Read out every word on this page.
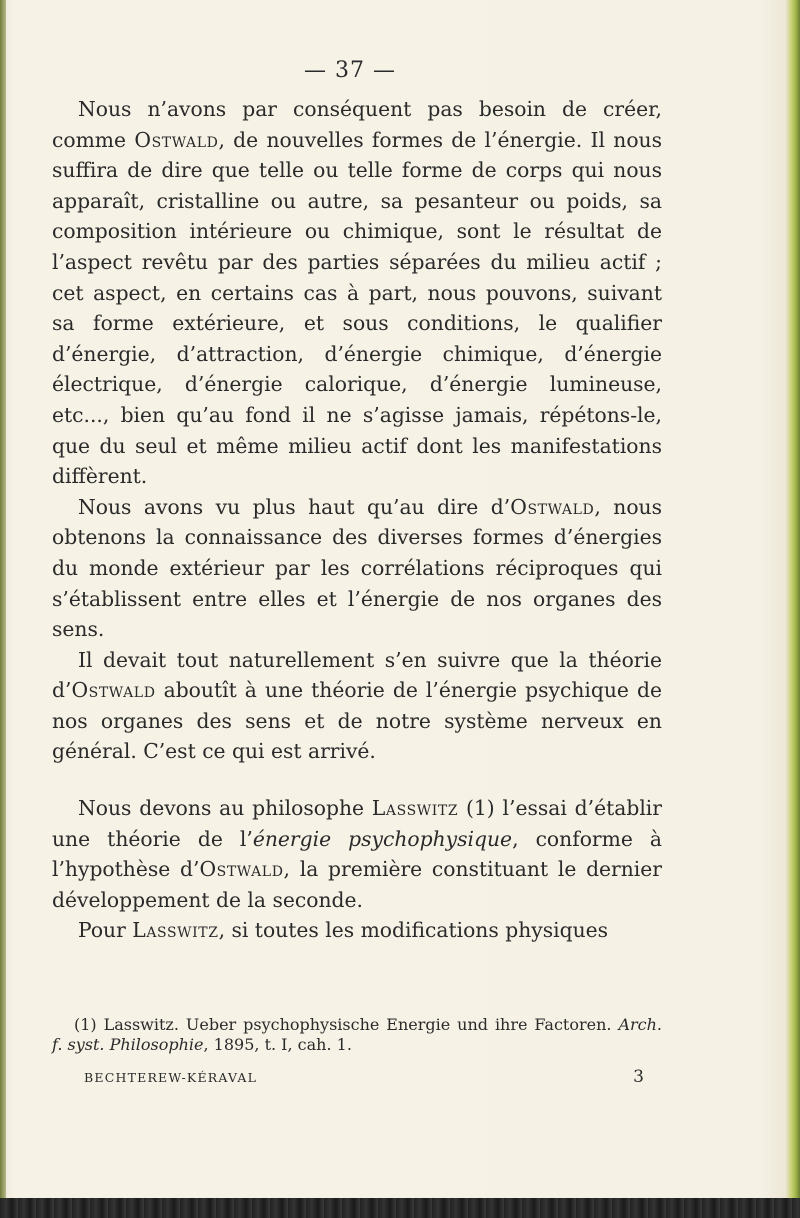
— 37 —

Nous n’avons par conséquent pas besoin de créer, comme Ostwald, de nouvelles formes de l’énergie. Il nous suffira de dire que telle ou telle forme de corps qui nous apparaît, cristalline ou autre, sa pesanteur ou poids, sa composition intérieure ou chimique, sont le résultat de l’aspect revêtu par des parties séparées du milieu actif ; cet aspect, en certains cas à part, nous pouvons, suivant sa forme extérieure, et sous conditions, le qualifier d’énergie, d’attraction, d’énergie chimique, d’énergie électrique, d’énergie calorique, d’énergie lumineuse, etc..., bien qu’au fond il ne s’agisse jamais, répétons-le, que du seul et même milieu actif dont les manifestations diffèrent.

Nous avons vu plus haut qu’au dire d’Ostwald, nous obtenons la connaissance des diverses formes d’énergies du monde extérieur par les corrélations réciproques qui s’établissent entre elles et l’énergie de nos organes des sens.

Il devait tout naturellement s’en suivre que la théorie d’Ostwald aboutît à une théorie de l’énergie psychique de nos organes des sens et de notre système nerveux en général. C’est ce qui est arrivé.

Nous devons au philosophe Lasswitz (1) l’essai d’établir une théorie de l’énergie psychophysique, conforme à l’hypothèse d’Ostwald, la première constituant le dernier développement de la seconde.

Pour Lasswitz, si toutes les modifications physiques

(1) Lasswitz. Ueber psychophysische Energie und ihre Factoren. Arch. f. syst. Philosophie, 1895, t. I, cah. 1.

BECHTEREW-KÉRAVAL	3
